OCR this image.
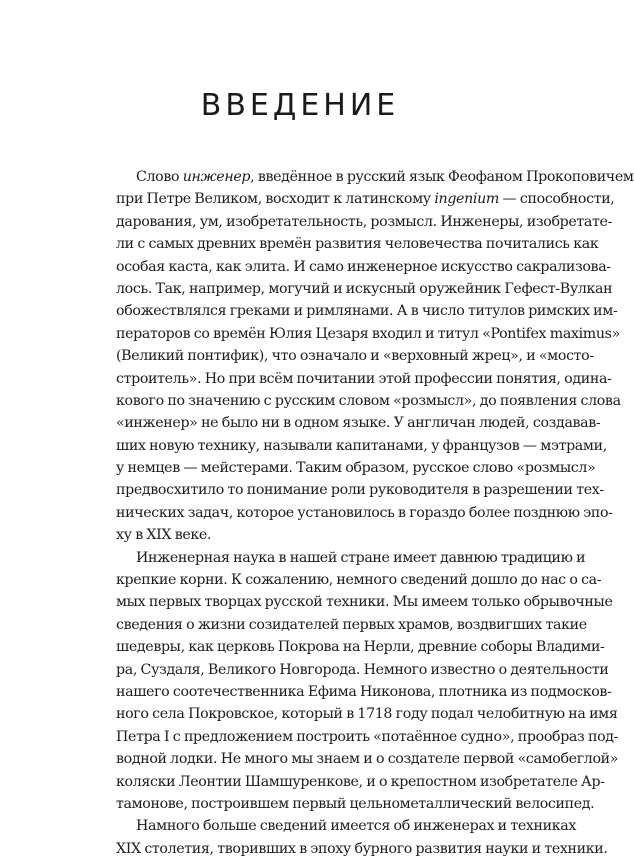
ВВЕДЕНИЕ
Слово инженер, введённое в русский язык Феофаном Прокоповичем
при Петре Великом, восходит к латинскому ingenium — способности,
дарования, ум, изобретательность, розмысл. Инженеры, изобретате-
ли с самых древних времён развития человечества почитались как
особая каста, как элита. И само инженерное искусство сакрализова-
лось. Так, например, могучий и искусный оружейник Гефест-Вулкан
обожествлялся греками и римлянами. А в число титулов римских им-
ператоров со времён Юлия Цезаря входил и титул «Pontifex maximus»
(Великий понтифик), что означало и «верховный жрец», и «мосто-
строитель». Но при всём почитании этой профессии понятия, одина-
кового по значению с русским словом «розмысл», до появления слова
«инженер» не было ни в одном языке. У англичан людей, создавав-
ших новую технику, называли капитанами, у французов — мэтрами,
у немцев — мейстерами. Таким образом, русское слово «розмысл»
предвосхитило то понимание роли руководителя в разрешении тех-
нических задач, которое установилось в гораздо более позднюю эпо-
ху в XIX веке.
Инженерная наука в нашей стране имеет давнюю традицию и
крепкие корни. К сожалению, немного сведений дошло до нас о са-
мых первых творцах русской техники. Мы имеем только обрывочные
сведения о жизни созидателей первых храмов, воздвигших такие
шедевры, как церковь Покрова на Нерли, древние соборы Владими-
ра, Суздаля, Великого Новгорода. Немного известно о деятельности
нашего соотечественника Ефима Никонова, плотника из подмосков-
ного села Покровское, который в 1718 году подал челобитную на имя
Петра I с предложением построить «потаённое судно», прообраз под-
водной лодки. Не много мы знаем и о создателе первой «самобеглой»
коляски Леонтии Шамшуренкове, и о крепостном изобретателе Ар-
тамонове, построившем первый цельнометаллический велосипед.
Намного больше сведений имеется об инженерах и техниках
XIX столетия, творивших в эпоху бурного развития науки и техники.
